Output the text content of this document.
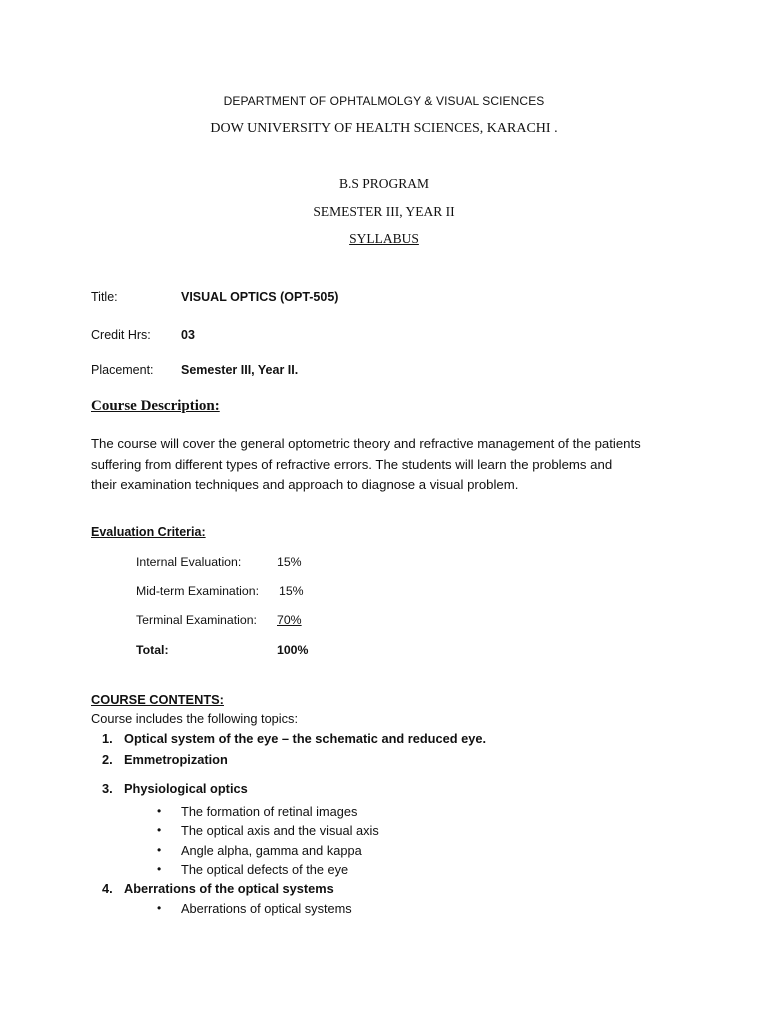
DEPARTMENT OF OPHTALMOLGY & VISUAL SCIENCES
DOW UNIVERSITY OF HEALTH SCIENCES, KARACHI .
B.S PROGRAM
SEMESTER III, YEAR II
SYLLABUS
Title:	VISUAL OPTICS (OPT-505)
Credit Hrs: 03
Placement: Semester III, Year II.
Course Description:
The course will cover the general optometric theory and refractive management of the patients
suffering from different types of refractive errors. The students will learn the problems and
their examination techniques and approach to diagnose a visual problem.
Evaluation Criteria:
Internal Evaluation:	15%
Mid-term Examination: 15%
Terminal Examination: 70%
Total:	100%
COURSE CONTENTS:
Course includes the following topics:
1. Optical system of the eye – the schematic and reduced eye.
2. Emmetropization
3. Physiological optics
• The formation of retinal images
• The optical axis and the visual axis
• Angle alpha, gamma and kappa
• The optical defects of the eye
4. Aberrations of the optical systems
• Aberrations of optical systems
